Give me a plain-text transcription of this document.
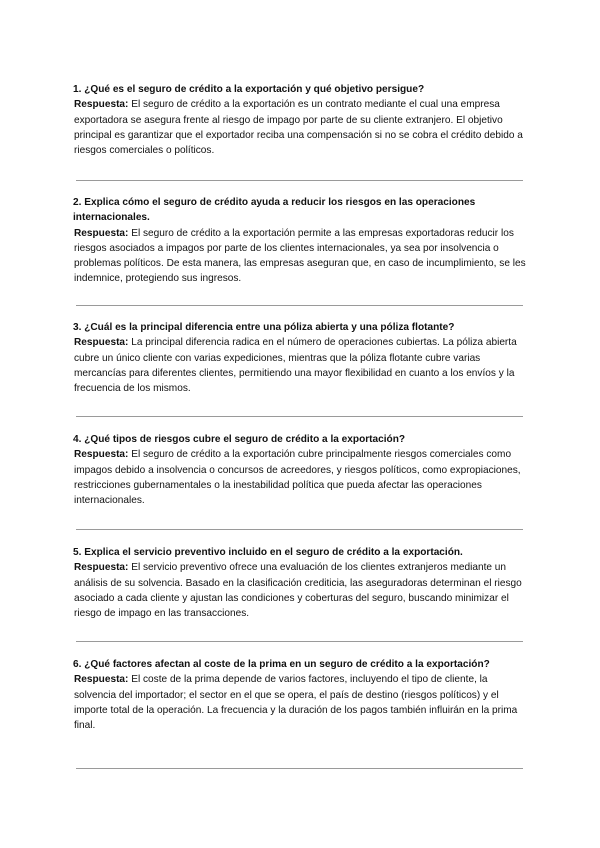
1. ¿Qué es el seguro de crédito a la exportación y qué objetivo persigue?

Respuesta: El seguro de crédito a la exportación es un contrato mediante el cual una empresa exportadora se asegura frente al riesgo de impago por parte de su cliente extranjero. El objetivo principal es garantizar que el exportador reciba una compensación si no se cobra el crédito debido a riesgos comerciales o políticos.

2. Explica cómo el seguro de crédito ayuda a reducir los riesgos en las operaciones internacionales.

Respuesta: El seguro de crédito a la exportación permite a las empresas exportadoras reducir los riesgos asociados a impagos por parte de los clientes internacionales, ya sea por insolvencia o problemas políticos. De esta manera, las empresas aseguran que, en caso de incumplimiento, se les indemnice, protegiendo sus ingresos.

3. ¿Cuál es la principal diferencia entre una póliza abierta y una póliza flotante?

Respuesta: La principal diferencia radica en el número de operaciones cubiertas. La póliza abierta cubre un único cliente con varias expediciones, mientras que la póliza flotante cubre varias mercancías para diferentes clientes, permitiendo una mayor flexibilidad en cuanto a los envíos y la frecuencia de los mismos.

4. ¿Qué tipos de riesgos cubre el seguro de crédito a la exportación?

Respuesta: El seguro de crédito a la exportación cubre principalmente riesgos comerciales como impagos debido a insolvencia o concursos de acreedores, y riesgos políticos, como expropiaciones, restricciones gubernamentales o la inestabilidad política que pueda afectar las operaciones internacionales.

5. Explica el servicio preventivo incluido en el seguro de crédito a la exportación.

Respuesta: El servicio preventivo ofrece una evaluación de los clientes extranjeros mediante un análisis de su solvencia. Basado en la clasificación crediticia, las aseguradoras determinan el riesgo asociado a cada cliente y ajustan las condiciones y coberturas del seguro, buscando minimizar el riesgo de impago en las transacciones.

6. ¿Qué factores afectan al coste de la prima en un seguro de crédito a la exportación?

Respuesta: El coste de la prima depende de varios factores, incluyendo el tipo de cliente, la solvencia del importador; el sector en el que se opera, el país de destino (riesgos políticos) y el importe total de la operación. La frecuencia y la duración de los pagos también influirán en la prima final.
